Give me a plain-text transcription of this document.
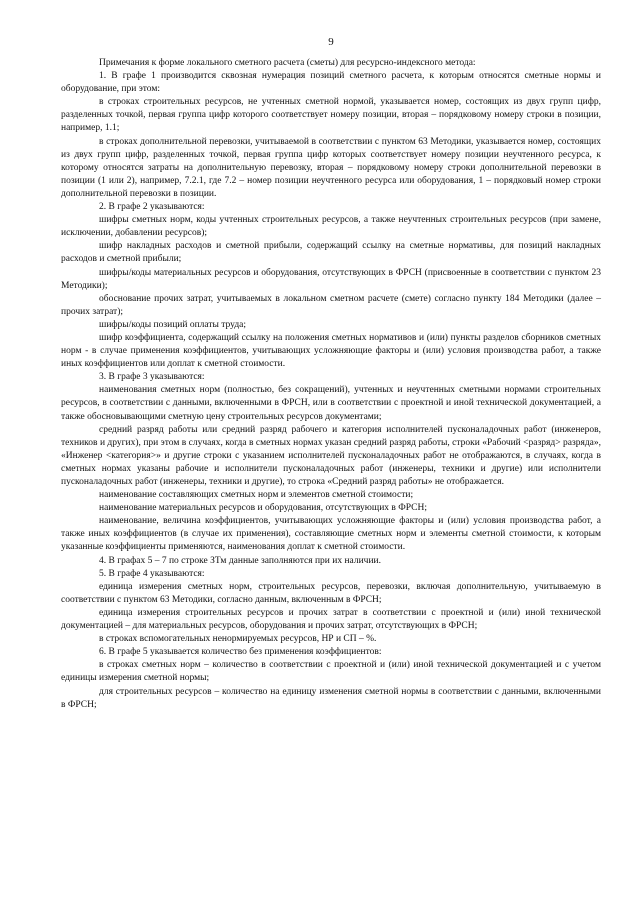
9

Примечания к форме локального сметного расчета (сметы) для ресурсно-индексного метода:

1. В графе 1 производится сквозная нумерация позиций сметного расчета, к которым относятся сметные нормы и оборудование, при этом:

в строках строительных ресурсов, не учтенных сметной нормой, указывается номер, состоящих из двух групп цифр, разделенных точкой, первая группа цифр которого соответствует номеру позиции, вторая – порядковому номеру строки в позиции, например, 1.1;

в строках дополнительной перевозки, учитываемой в соответствии с пунктом 63 Методики, указывается номер, состоящих из двух групп цифр, разделенных точкой, первая группа цифр которых соответствует номеру позиции неучтенного ресурса, к которому относятся затраты на дополнительную перевозку, вторая – порядковому номеру строки дополнительной перевозки в позиции (1 или 2), например, 7.2.1, где 7.2 – номер позиции неучтенного ресурса или оборудования, 1 – порядковый номер строки дополнительной перевозки в позиции.

2. В графе 2 указываются:

шифры сметных норм, коды учтенных строительных ресурсов, а также неучтенных строительных ресурсов (при замене, исключении, добавлении ресурсов);

шифр накладных расходов и сметной прибыли, содержащий ссылку на сметные нормативы, для позиций накладных расходов и сметной прибыли;

шифры/коды материальных ресурсов и оборудования, отсутствующих в ФРСН (присвоенные в соответствии с пунктом 23 Методики);

обоснование прочих затрат, учитываемых в локальном сметном расчете (смете) согласно пункту 184 Методики (далее – прочих затрат);

шифры/коды позиций оплаты труда;

шифр коэффициента, содержащий ссылку на положения сметных нормативов и (или) пункты разделов сборников сметных норм - в случае применения коэффициентов, учитывающих усложняющие факторы и (или) условия производства работ, а также иных коэффициентов или доплат к сметной стоимости.

3. В графе 3 указываются:

наименования сметных норм (полностью, без сокращений), учтенных и неучтенных сметными нормами строительных ресурсов, в соответствии с данными, включенными в ФРСН, или в соответствии с проектной и иной технической документацией, а также обосновывающими сметную цену строительных ресурсов документами;

средний разряд работы или средний разряд рабочего и категория исполнителей пусконаладочных работ (инженеров, техников и других), при этом в случаях, когда в сметных нормах указан средний разряд работы, строки «Рабочий <разряд> разряда», «Инженер <категория>» и другие строки с указанием исполнителей пусконаладочных работ не отображаются, в случаях, когда в сметных нормах указаны рабочие и исполнители пусконаладочных работ (инженеры, техники и другие) или исполнители пусконаладочных работ (инженеры, техники и другие), то строка «Средний разряд работы» не отображается.

наименование составляющих сметных норм и элементов сметной стоимости;

наименование материальных ресурсов и оборудования, отсутствующих в ФРСН;

наименование, величина коэффициентов, учитывающих усложняющие факторы и (или) условия производства работ, а также иных коэффициентов (в случае их применения), составляющие сметных норм и элементы сметной стоимости, к которым указанные коэффициенты применяются, наименования доплат к сметной стоимости.

4. В графах 5 – 7 по строке ЗТм данные заполняются при их наличии.

5. В графе 4 указываются:

единица измерения сметных норм, строительных ресурсов, перевозки, включая дополнительную, учитываемую в соответствии с пунктом 63 Методики, согласно данным, включенным в ФРСН;

единица измерения строительных ресурсов и прочих затрат в соответствии с проектной и (или) иной технической документацией – для материальных ресурсов, оборудования и прочих затрат, отсутствующих в ФРСН;

в строках вспомогательных ненормируемых ресурсов, НР и СП – %.

6. В графе 5 указывается количество без применения коэффициентов:

в строках сметных норм – количество в соответствии с проектной и (или) иной технической документацией и с учетом единицы измерения сметной нормы;

для строительных ресурсов – количество на единицу изменения сметной нормы в соответствии с данными, включенными в ФРСН;
